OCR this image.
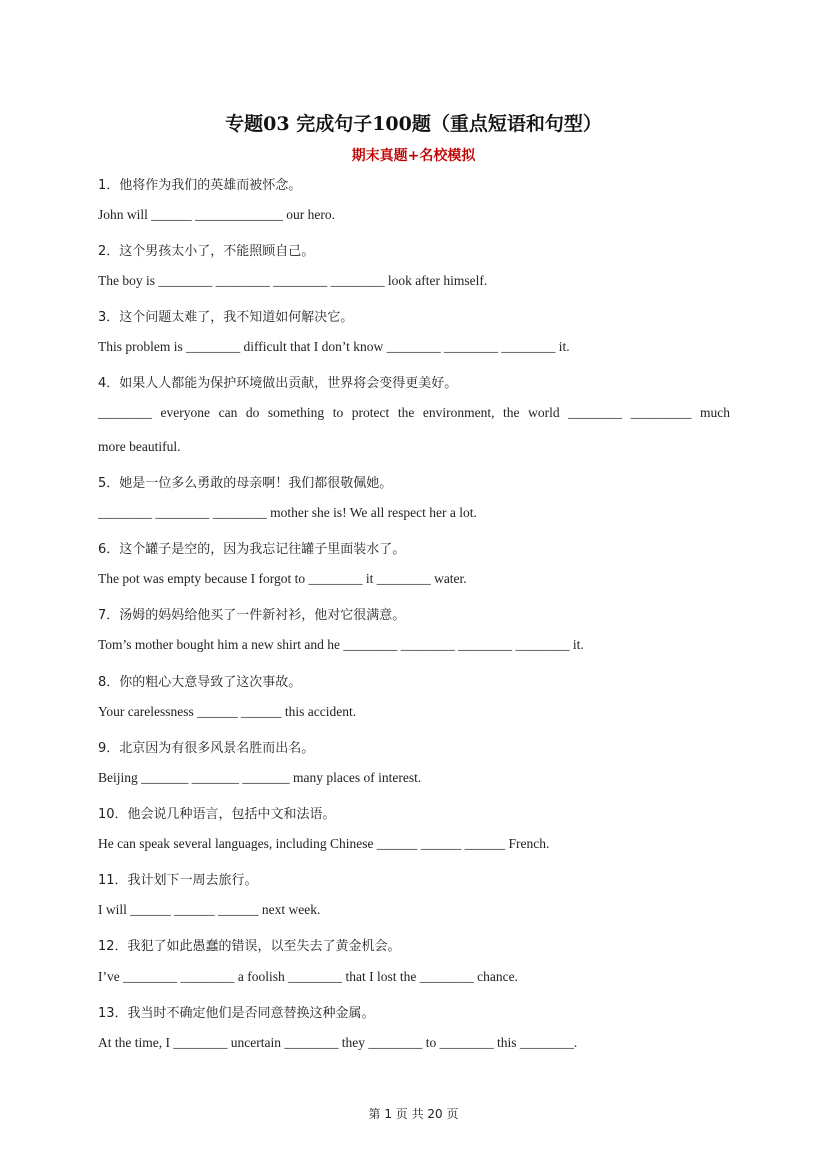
专题03 完成句子100题（重点短语和句型）
期末真题+名校模拟
1．他将作为我们的英雄而被怀念。
John will ______ _____________ our hero.
2．这个男孩太小了，不能照顾自己。
The boy is ________ ________ ________ ________ look after himself.
3．这个问题太难了，我不知道如何解决它。
This problem is ________ difficult that I don’t know ________ ________ ________ it.
4．如果人人都能为保护环境做出贡献，世界将会变得更美好。
________ everyone can do something to protect the environment, the world ________ _________ much
more beautiful.
5．她是一位多么勇敢的母亲啊！我们都很敬佩她。
________ ________ ________ mother she is! We all respect her a lot.
6．这个罐子是空的，因为我忘记往罐子里面装水了。
The pot was empty because I forgot to ________ it ________ water.
7．汤姆的妈妈给他买了一件新衬衫，他对它很满意。
Tom’s mother bought him a new shirt and he ________ ________ ________ ________ it.
8．你的粗心大意导致了这次事故。
Your carelessness ______ ______ this accident.
9．北京因为有很多风景名胜而出名。
Beijing _______ _______ _______ many places of interest.
10．他会说几种语言，包括中文和法语。
He can speak several languages, including Chinese ______ ______ ______ French.
11．我计划下一周去旅行。
I will ______ ______ ______ next week.
12．我犯了如此愚蠢的错误，以至失去了黄金机会。
I’ve ________ ________ a foolish ________ that I lost the ________ chance.
13．我当时不确定他们是否同意替换这种金属。
At the time, I ________ uncertain ________ they ________ to ________ this ________.
第 1 页 共 20 页
